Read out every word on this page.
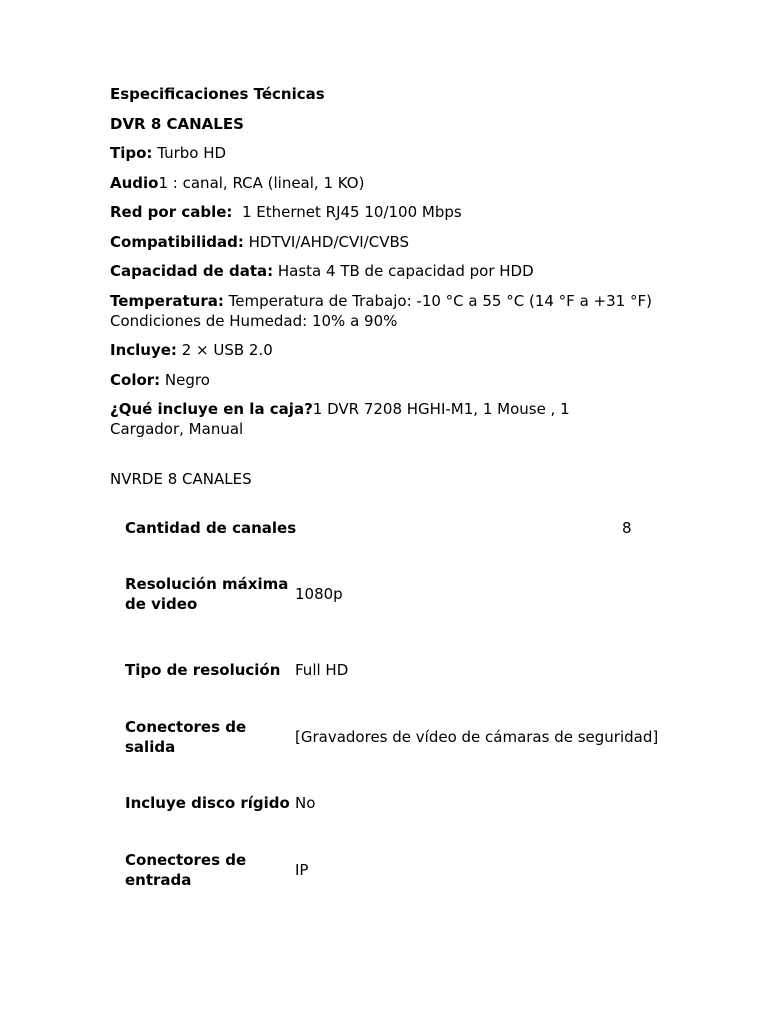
Especificaciones Técnicas

DVR 8 CANALES

Tipo: Turbo HD

Audio1 : canal, RCA (lineal, 1 KO)

Red por cable:  1 Ethernet RJ45 10/100 Mbps

Compatibilidad: HDTVI/AHD/CVI/CVBS

Capacidad de data: Hasta 4 TB de capacidad por HDD

Temperatura: Temperatura de Trabajo: -10 °C a 55 °C (14 °F a +31 °F) Condiciones de Humedad: 10% a 90%

Incluye: 2 × USB 2.0

Color: Negro

¿Qué incluye en la caja?1 DVR 7208 HGHI-M1, 1 Mouse , 1 Cargador, Manual

NVRDE 8 CANALES

Cantidad de canales		8
Resolución máxima de video	1080p	
Tipo de resolución	Full HD	
Conectores de salida	[Gravadores de vídeo de cámaras de seguridad]	
Incluye disco rígido	No	
Conectores de entrada	IP	
